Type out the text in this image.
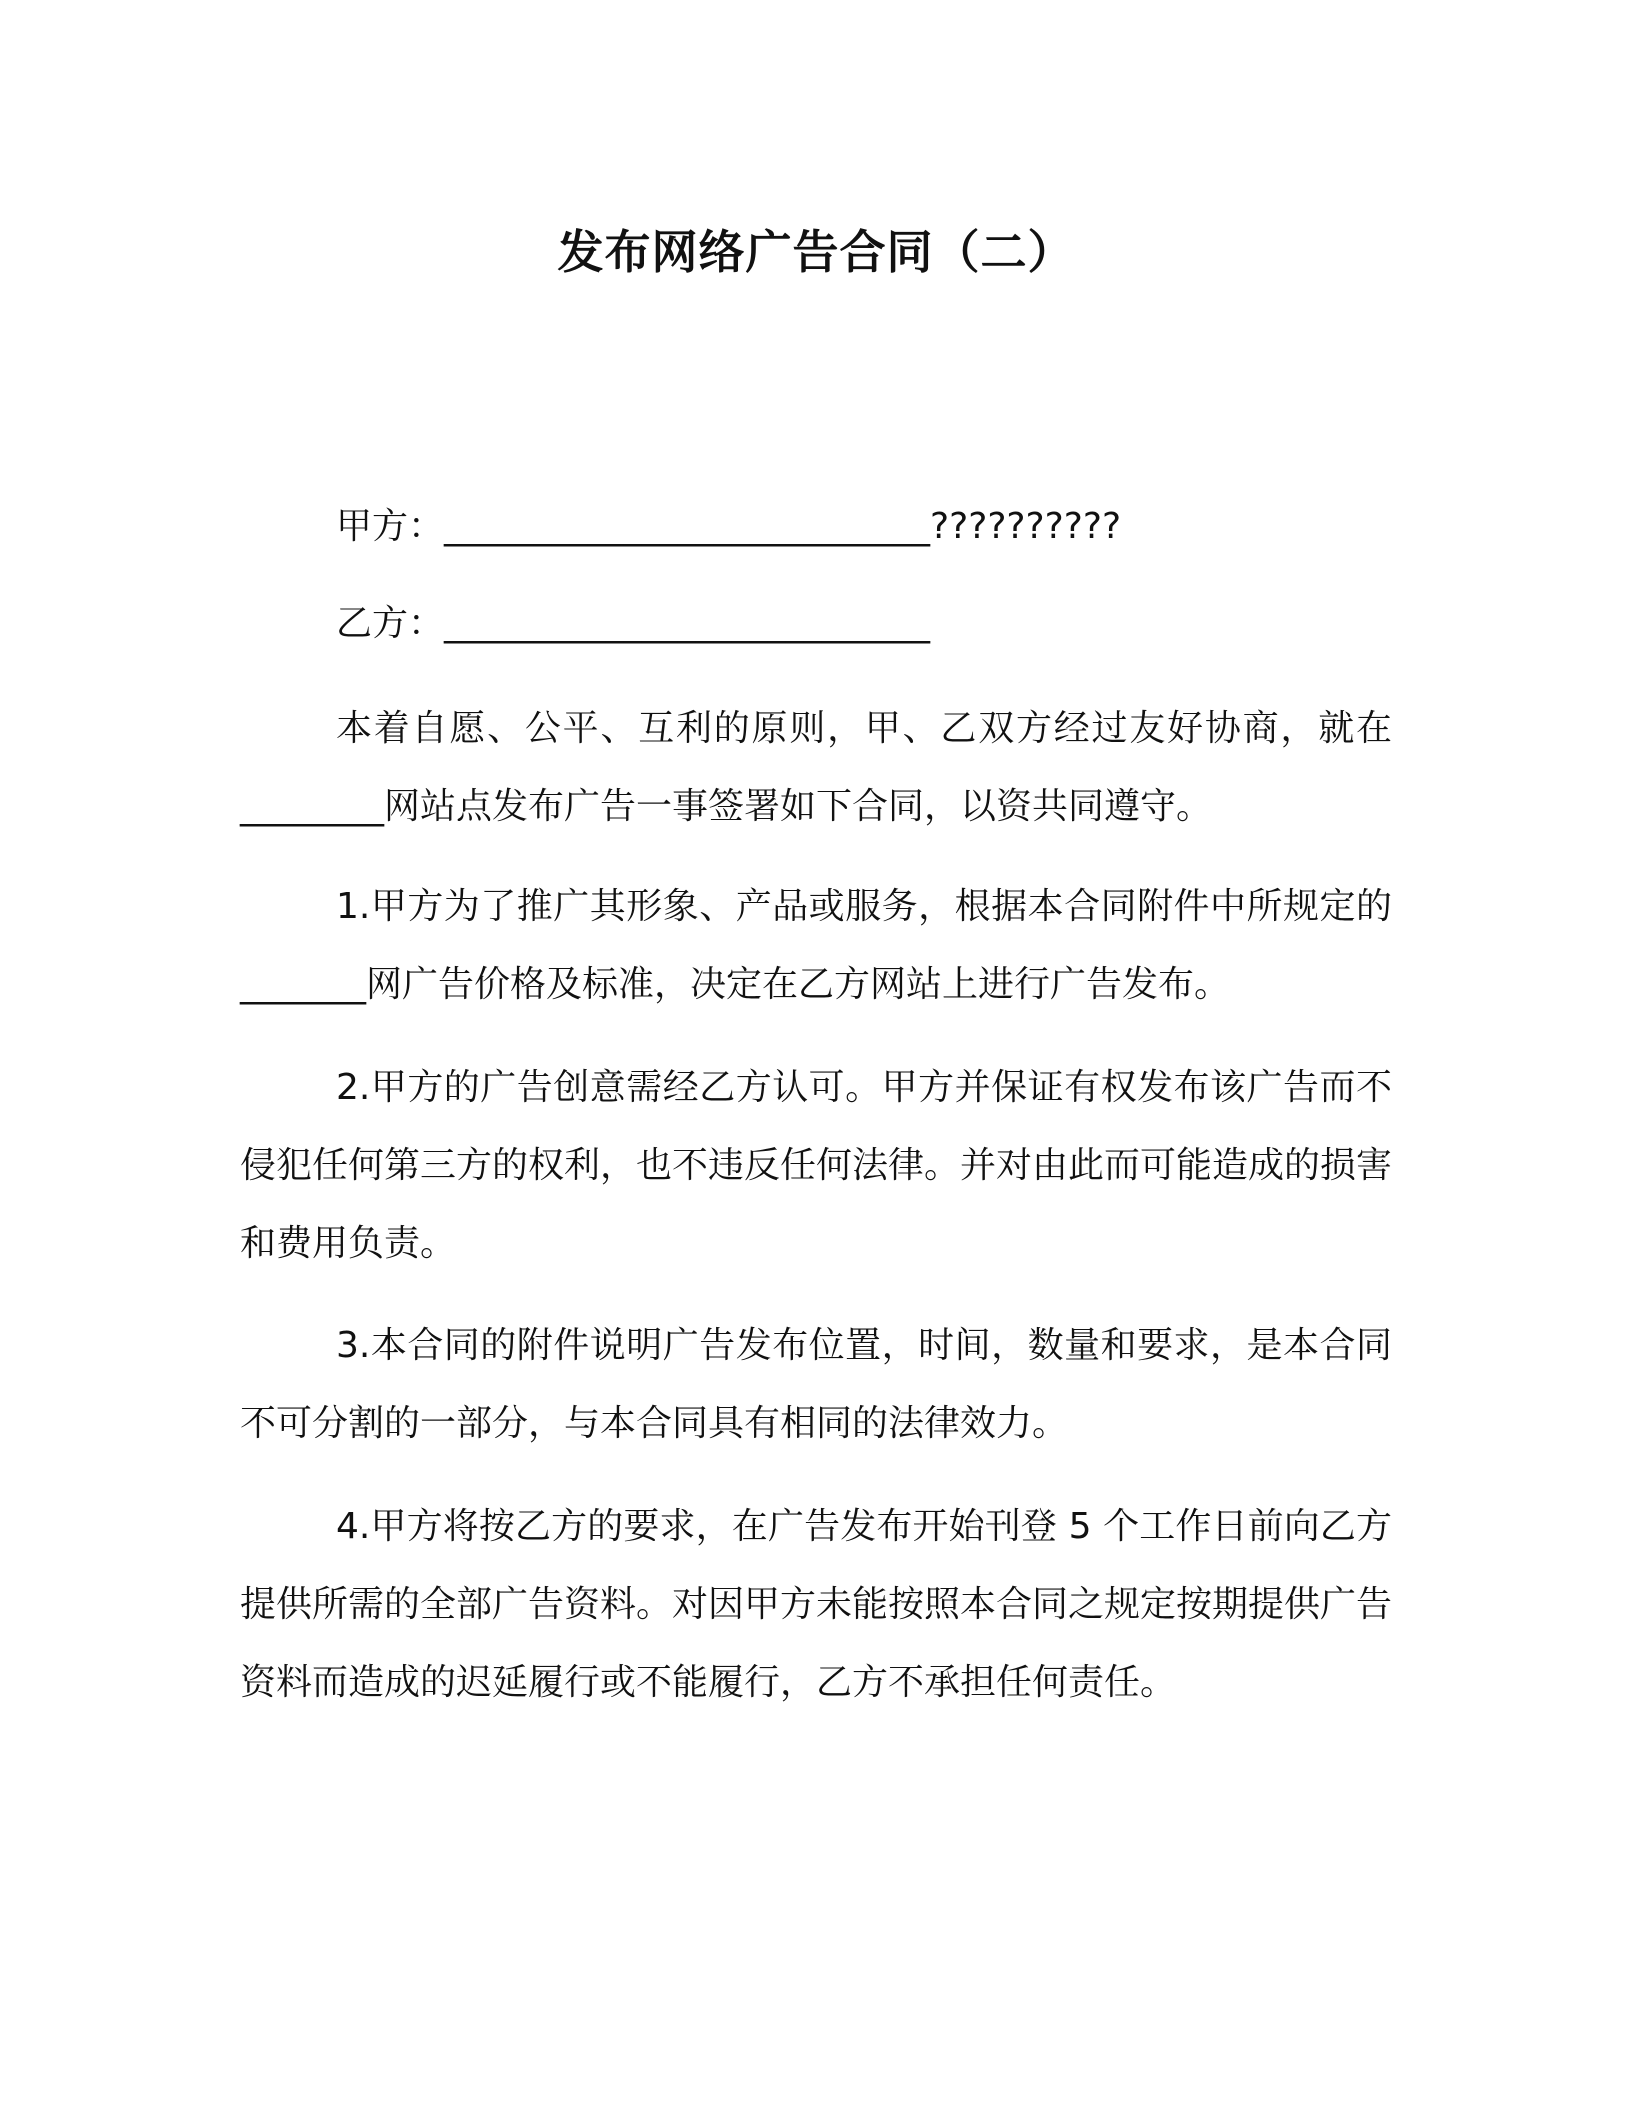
发布网络广告合同（二）
甲方：___________________________??????????
乙方：___________________________

本着自愿、公平、互利的原则，甲、乙双方经过友好协商，就在________网站点发布广告一事签署如下合同，以资共同遵守。

1.甲方为了推广其形象、产品或服务，根据本合同附件中所规定的_______网广告价格及标准，决定在乙方网站上进行广告发布。

2.甲方的广告创意需经乙方认可。甲方并保证有权发布该广告而不侵犯任何第三方的权利，也不违反任何法律。并对由此而可能造成的损害和费用负责。

3.本合同的附件说明广告发布位置，时间，数量和要求，是本合同不可分割的一部分，与本合同具有相同的法律效力。

4.甲方将按乙方的要求，在广告发布开始刊登 5 个工作日前向乙方提供所需的全部广告资料。对因甲方未能按照本合同之规定按期提供广告资料而造成的迟延履行或不能履行，乙方不承担任何责任。
